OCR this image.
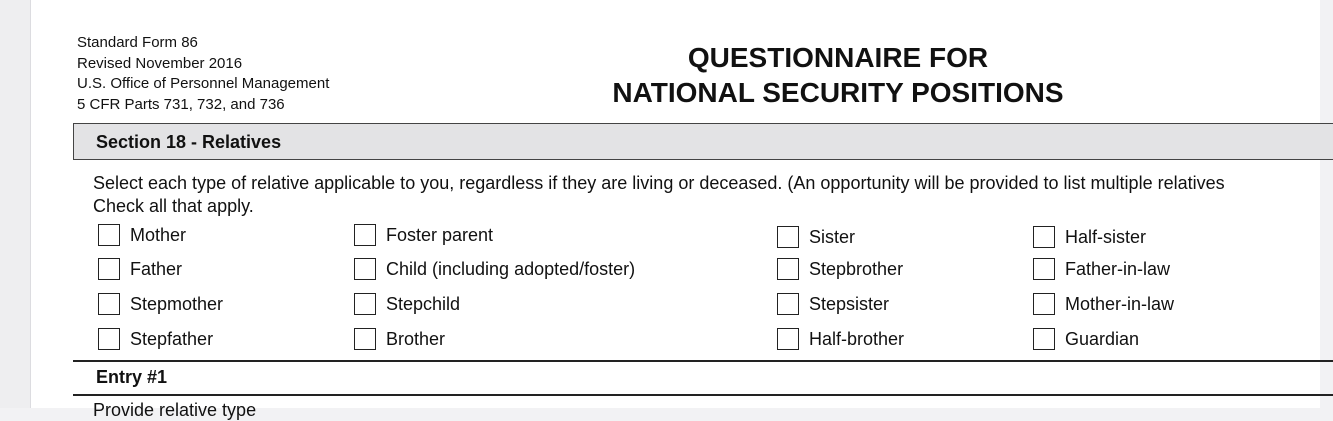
Standard Form 86
Revised November 2016
U.S. Office of Personnel Management
5 CFR Parts 731, 732, and 736
QUESTIONNAIRE FOR
NATIONAL SECURITY POSITIONS
Section 18 - Relatives
Select each type of relative applicable to you, regardless if they are living or deceased. (An opportunity will be provided to list multiple relatives
Check all that apply.
Mother
Father
Stepmother
Stepfather
Foster parent
Child (including adopted/foster)
Stepchild
Brother
Sister
Stepbrother
Stepsister
Half-brother
Half-sister
Father-in-law
Mother-in-law
Guardian
Entry #1
Provide relative type
